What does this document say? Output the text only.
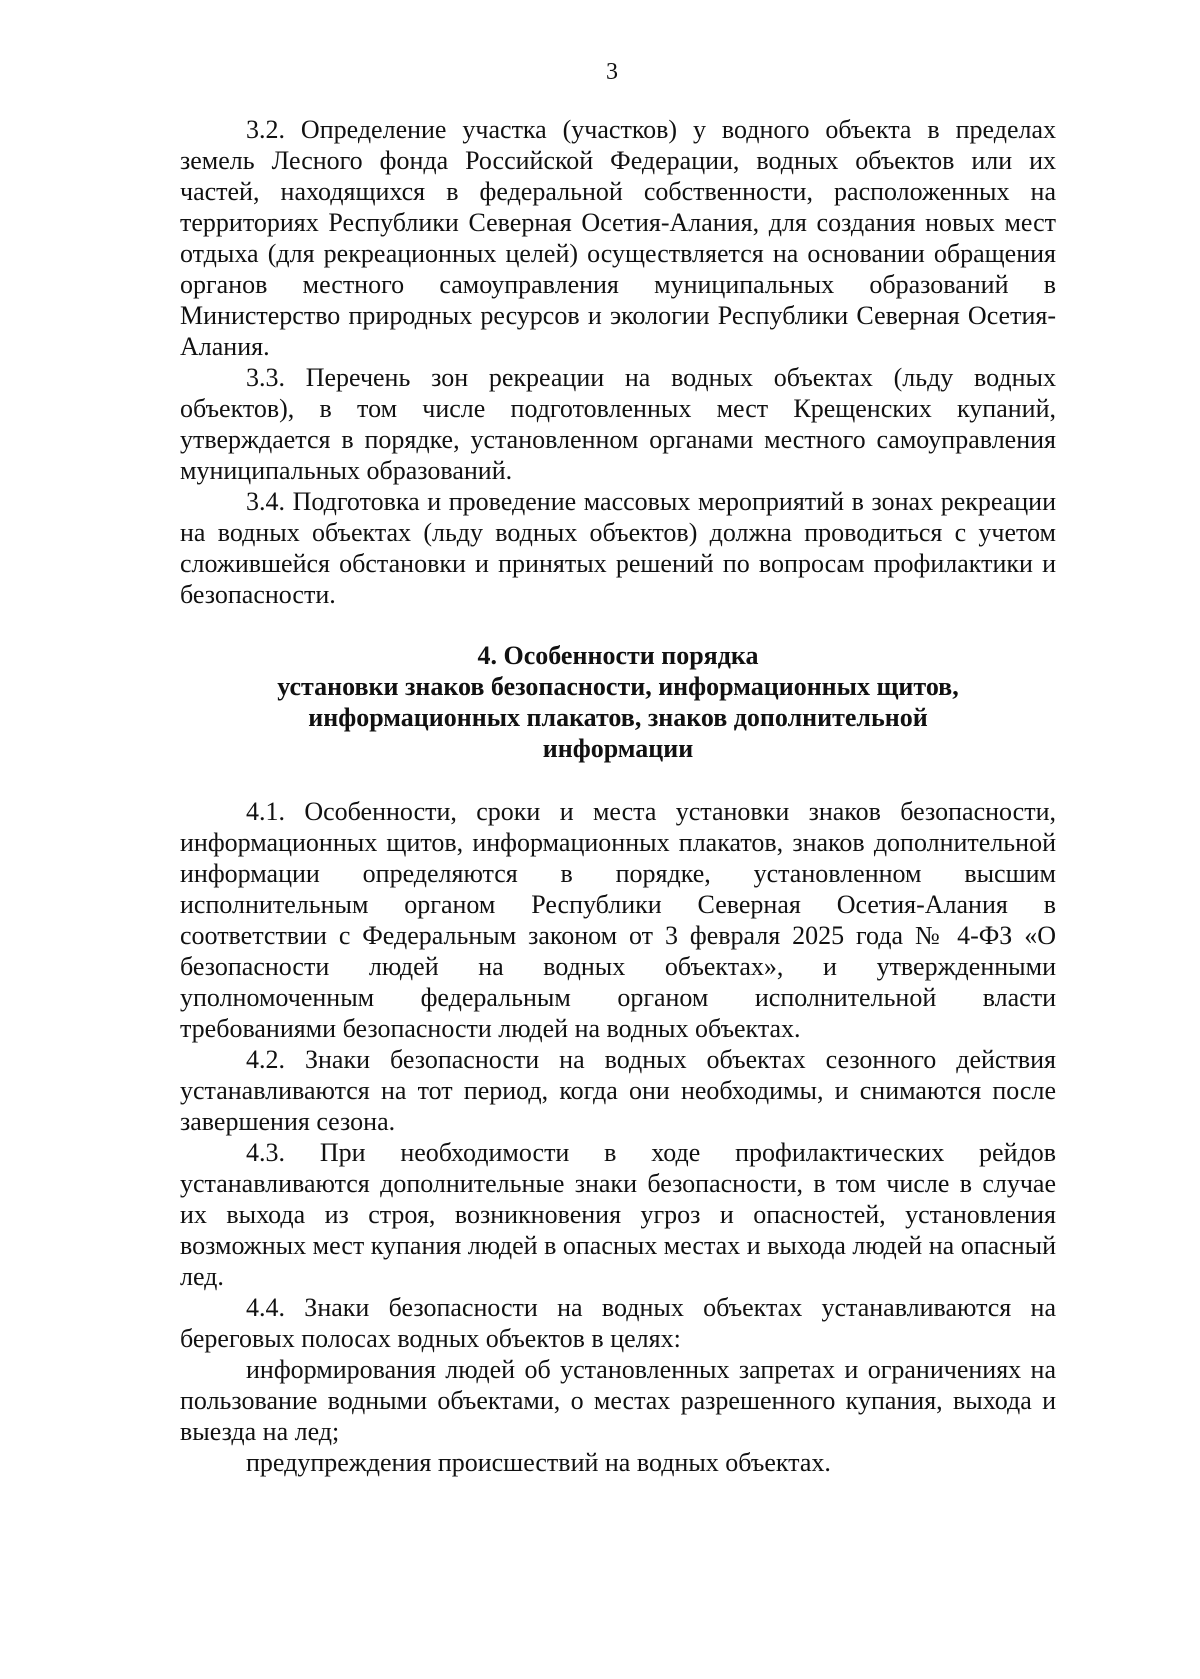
3

3.2. Определение участка (участков) у водного объекта в пределах земель Лесного фонда Российской Федерации, водных объектов или их частей, находящихся в федеральной собственности, расположенных на территориях Республики Северная Осетия-Алания, для создания новых мест отдыха (для рекреационных целей) осуществляется на основании обращения органов местного самоуправления муниципальных образований в Министерство природных ресурсов и экологии Республики Северная Осетия-Алания.

3.3. Перечень зон рекреации на водных объектах (льду водных объектов), в том числе подготовленных мест Крещенских купаний, утверждается в порядке, установленном органами местного самоуправления муниципальных образований.

3.4. Подготовка и проведение массовых мероприятий в зонах рекреации на водных объектах (льду водных объектов) должна проводиться с учетом сложившейся обстановки и принятых решений по вопросам профилактики и безопасности.

4. Особенности порядка
установки знаков безопасности, информационных щитов,
информационных плакатов, знаков дополнительной
информации

4.1. Особенности, сроки и места установки знаков безопасности, информационных щитов, информационных плакатов, знаков дополнительной информации определяются в порядке, установленном высшим исполнительным органом Республики Северная Осетия-Алания в соответствии с Федеральным законом от 3 февраля 2025 года № 4-ФЗ «О безопасности людей на водных объектах», и утвержденными уполномоченным федеральным органом исполнительной власти требованиями безопасности людей на водных объектах.

4.2. Знаки безопасности на водных объектах сезонного действия устанавливаются на тот период, когда они необходимы, и снимаются после завершения сезона.

4.3. При необходимости в ходе профилактических рейдов устанавливаются дополнительные знаки безопасности, в том числе в случае их выхода из строя, возникновения угроз и опасностей, установления возможных мест купания людей в опасных местах и выхода людей на опасный лед.

4.4. Знаки безопасности на водных объектах устанавливаются на береговых полосах водных объектов в целях:

информирования людей об установленных запретах и ограничениях на пользование водными объектами, о местах разрешенного купания, выхода и выезда на лед;

предупреждения происшествий на водных объектах.
